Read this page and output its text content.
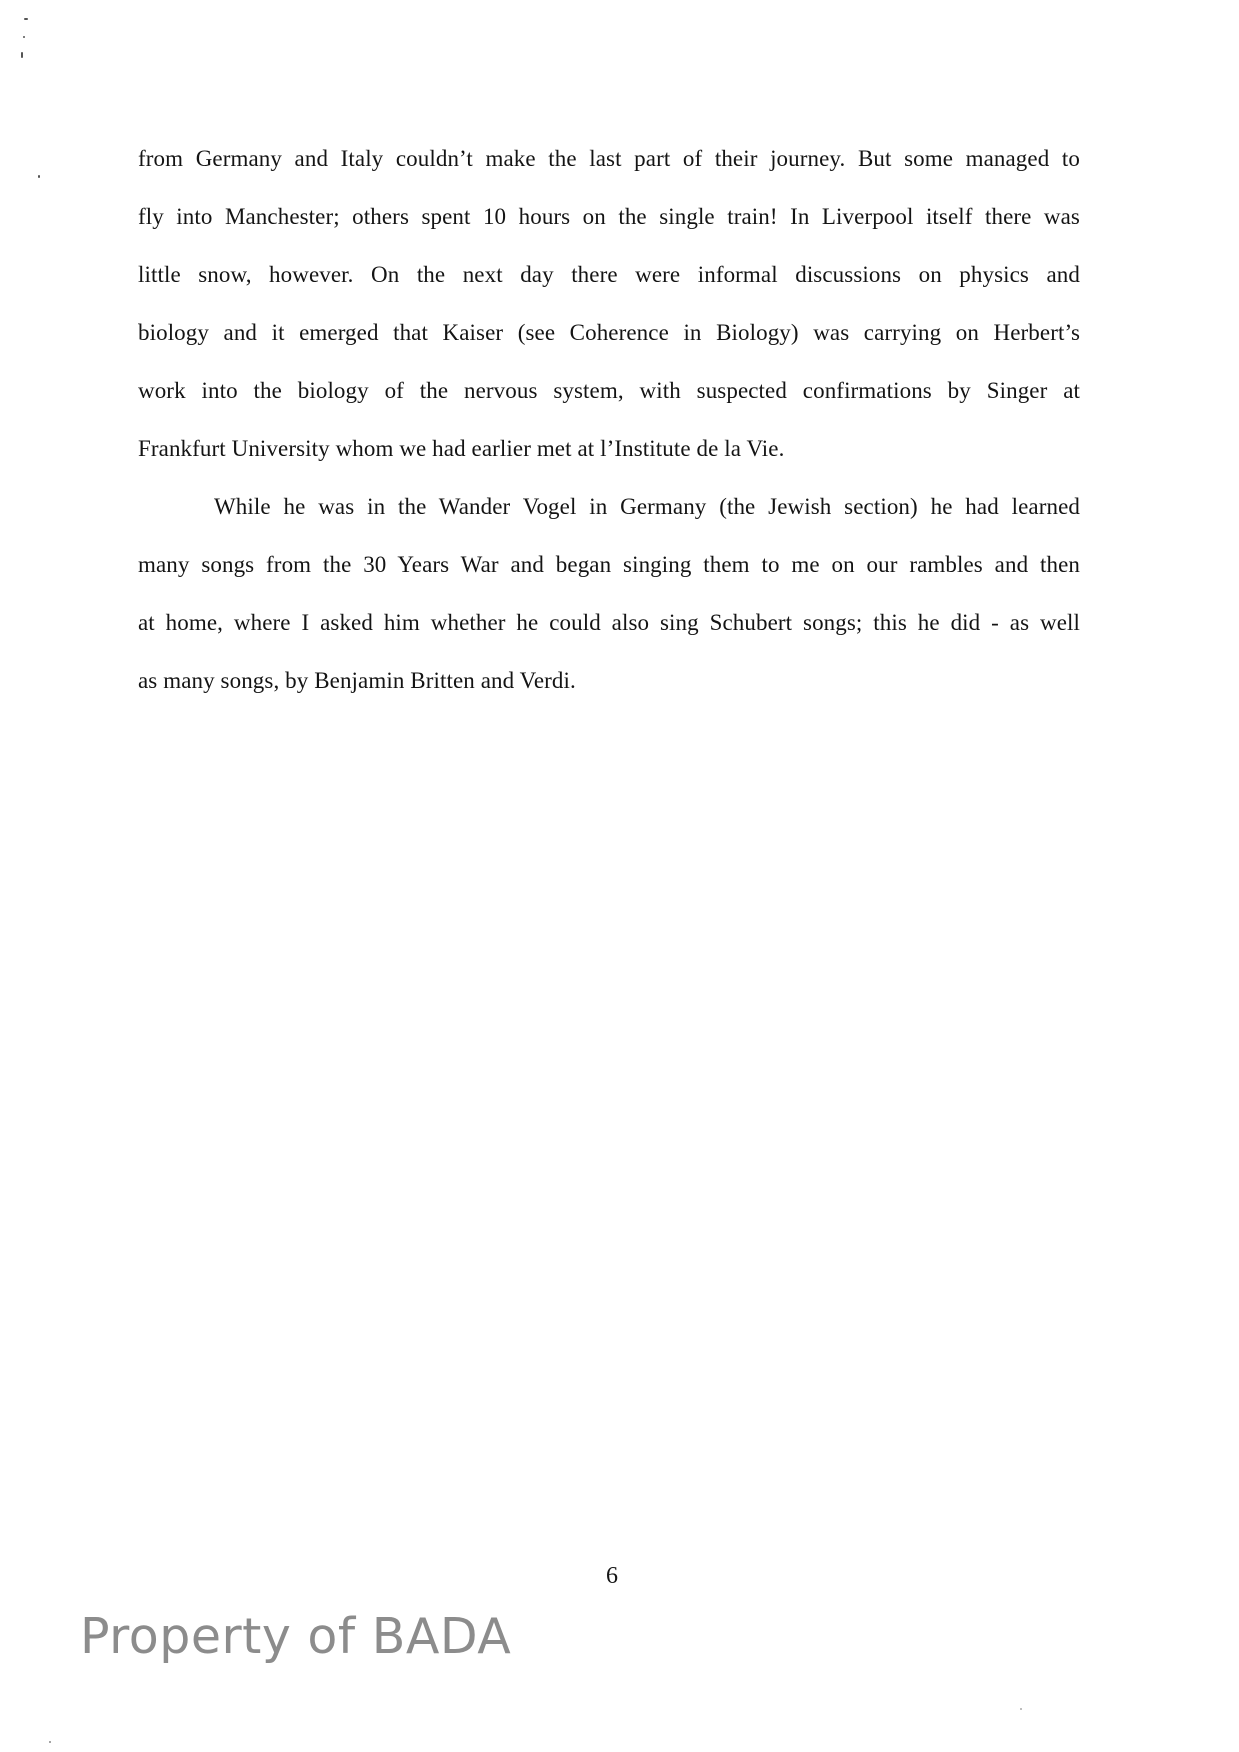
from Germany and Italy couldn’t make the last part of their journey. But some managed to
fly into Manchester; others spent 10 hours on the single train! In Liverpool itself there was
little snow, however. On the next day there were informal discussions on physics and
biology and it emerged that Kaiser (see Coherence in Biology) was carrying on Herbert’s
work into the biology of the nervous system, with suspected confirmations by Singer at
Frankfurt University whom we had earlier met at l’Institute de la Vie.
While he was in the Wander Vogel in Germany (the Jewish section) he had learned
many songs from the 30 Years War and began singing them to me on our rambles and then
at home, where I asked him whether he could also sing Schubert songs; this he did - as well
as many songs, by Benjamin Britten and Verdi.
6
Property of BADA
